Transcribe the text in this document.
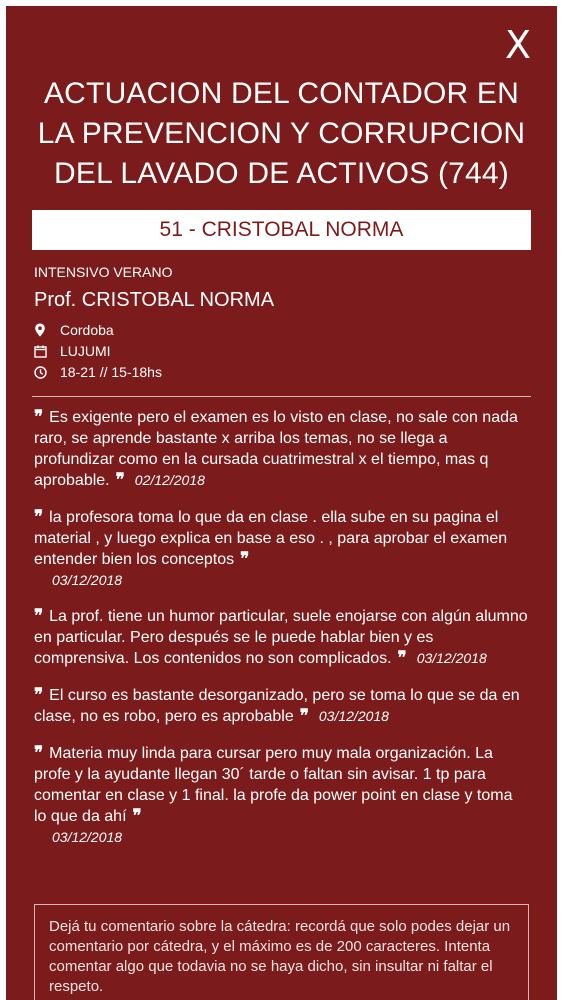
X
ACTUACION DEL CONTADOR EN LA PREVENCION Y CORRUPCION DEL LAVADO DE ACTIVOS (744)
51 - CRISTOBAL NORMA
INTENSIVO VERANO
Prof. CRISTOBAL NORMA
Cordoba
LUJUMI
18-21 // 15-18hs
❞ Es exigente pero el examen es lo visto en clase, no sale con nada raro, se aprende bastante x arriba los temas, no se llega a profundizar como en la cursada cuatrimestral x el tiempo, mas q aprobable. ❞ 02/12/2018
❞ la profesora toma lo que da en clase . ella sube en su pagina el material , y luego explica en base a eso . , para aprobar el examen entender bien los conceptos ❞
03/12/2018
❞ La prof. tiene un humor particular, suele enojarse con algún alumno en particular. Pero después se le puede hablar bien y es comprensiva. Los contenidos no son complicados. ❞ 03/12/2018
❞ El curso es bastante desorganizado, pero se toma lo que se da en clase, no es robo, pero es aprobable ❞ 03/12/2018
❞ Materia muy linda para cursar pero muy mala organización. La profe y la ayudante llegan 30´ tarde o faltan sin avisar. 1 tp para comentar en clase y 1 final. la profe da power point en clase y toma lo que da ahí ❞
03/12/2018
Dejá tu comentario sobre la cátedra: recordá que solo podes dejar un comentario por cátedra, y el máximo es de 200 caracteres. Intenta comentar algo que todavia no se haya dicho, sin insultar ni faltar el respeto.
